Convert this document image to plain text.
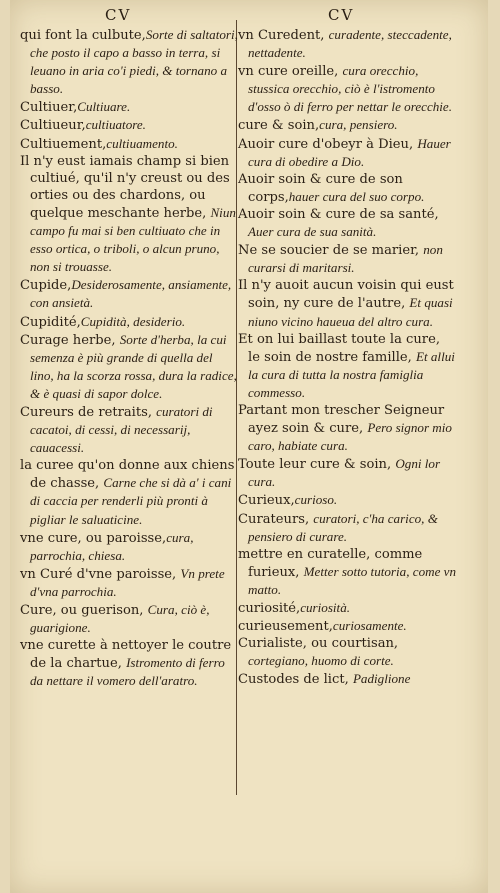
CV	CV

qui font la culbute,Sorte di saltatori, che posto il capo a basso in terra, si leuano in aria co'i piedi, & tornano a basso.

Cultiuer,Cultiuare.

Cultiueur,cultiuatore.

Cultiuement,cultiuamento.

Il n'y eust iamais champ si bien cultiué, qu'il n'y creust ou des orties ou des chardons, ou quelque meschante herbe, Niun campo fu mai si ben cultiuato che in esso ortica, o triboli, o alcun pruno, non si trouasse.

Cupide,Desiderosamente, ansiamente, con ansietà.

Cupidité,Cupidità, desiderio.

Curage herbe, Sorte d'herba, la cui semenza è più grande di quella del lino, ha la scorza rossa, dura la radice, & è quasi di sapor dolce.

Cureurs de retraits, curatori di cacatoi, di cessi, di necessarij, cauacessi.

la curee qu'on donne aux chiens de chasse, Carne che si dà a' i cani di caccia per renderli più pronti à pigliar le saluaticine.

vne cure, ou paroisse,cura, parrochia, chiesa.

vn Curé d'vne paroisse, Vn prete d'vna parrochia.

Cure, ou guerison, Cura, ciò è, guarigione.

vne curette à nettoyer le coutre de la chartue, Istromento di ferro da nettare il vomero dell'aratro.

vn Curedent, curadente, steccadente, nettadente.

vn cure oreille, cura orecchio, stussica orecchio, ciò è l'istromento d'osso ò di ferro per nettar le orecchie.

cure & soin,cura, pensiero.

Auoir cure d'obeyr à Dieu, Hauer cura di obedire a Dio.

Auoir soin & cure de son corps,hauer cura del suo corpo.

Auoir soin & cure de sa santé, Auer cura de sua sanità.

Ne se soucier de se marier, non curarsi di maritarsi.

Il n'y auoit aucun voisin qui eust soin, ny cure de l'autre, Et quasi niuno vicino haueua del altro cura.

Et on lui baillast toute la cure, le soin de nostre famille, Et allui la cura di tutta la nostra famiglia commesso.

Partant mon trescher Seigneur ayez soin & cure, Pero signor mio caro, habiate cura.

Toute leur cure & soin, Ogni lor cura.

Curieux,curioso.

Curateurs, curatori, c'ha carico, & pensiero di curare.

mettre en curatelle, comme furieux, Metter sotto tutoria, come vn matto.

curiosité,curiosità.

curieusement,curiosamente.

Curialiste, ou courtisan, cortegiano, huomo di corte.

Custodes de lict, Padiglione
